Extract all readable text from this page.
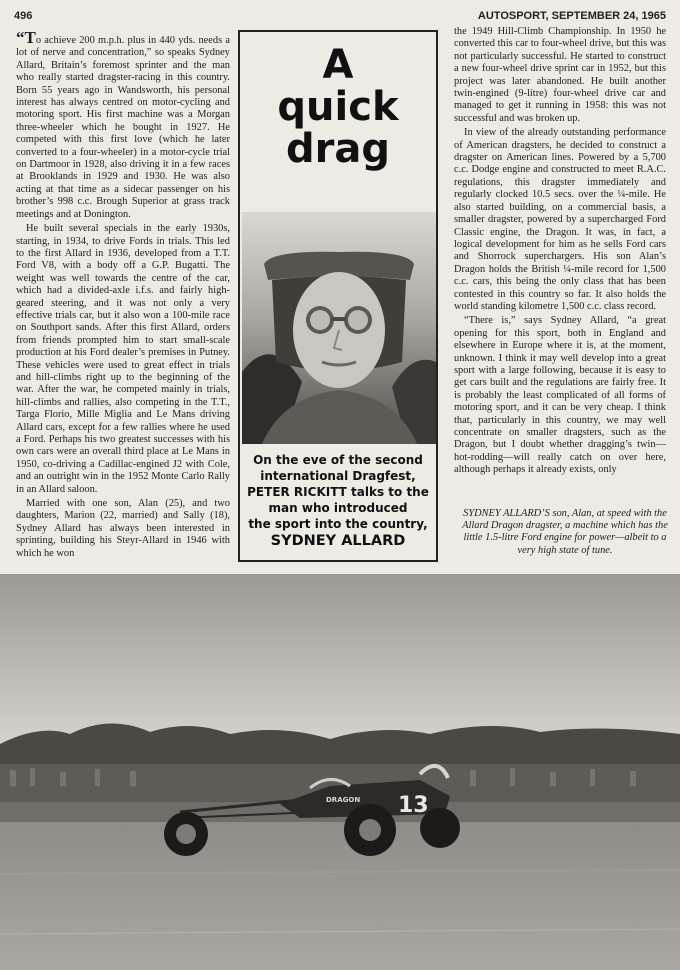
496	AUTOSPORT, SEPTEMBER 24, 1965

“To achieve 200 m.p.h. plus in 440 yds. needs a lot of nerve and concentration,” so speaks Sydney Allard, Britain’s foremost sprinter and the man who really started dragster-racing in this country. Born 55 years ago in Wandsworth, his personal interest has always centred on motor-cycling and motoring sport. His first machine was a Morgan three-wheeler which he bought in 1927. He competed with this first love (which he later converted to a four-wheeler) in a motor-cycle trial on Dartmoor in 1928, also driving it in a few races at Brooklands in 1929 and 1930. He was also acting at that time as a sidecar passenger on his brother’s 998 c.c. Brough Superior at grass track meetings and at Donington.

He built several specials in the early 1930s, starting, in 1934, to drive Fords in trials. This led to the first Allard in 1936, developed from a T.T. Ford V8, with a body off a G.P. Bugatti. The weight was well towards the centre of the car, which had a divided-axle i.f.s. and fairly high-geared steering, and it was not only a very effective trials car, but it also won a 100-mile race on Southport sands. After this first Allard, orders from friends prompted him to start small-scale production at his Ford dealer’s premises in Putney. These vehicles were used to great effect in trials and hill-climbs right up to the beginning of the war. After the war, he competed mainly in trials, hill-climbs and rallies, also competing in the T.T., Targa Florio, Mille Miglia and Le Mans driving Allard cars, except for a few rallies where he used a Ford. Perhaps his two greatest successes with his own cars were an overall third place at Le Mans in 1950, co-driving a Cadillac-engined J2 with Cole, and an outright win in the 1952 Monte Carlo Rally in an Allard saloon.

Married with one son, Alan (25), and two daughters, Marion (22, married) and Sally (18), Sydney Allard has always been interested in sprinting, building his Steyr-Allard in 1946 with which he won

A
quick
drag
On the eve of the second
international Dragfest,
PETER RICKITT talks to the
man who introduced
the sport into the country,
SYDNEY ALLARD

the 1949 Hill-Climb Championship. In 1950 he converted this car to four-wheel drive, but this was not particularly successful. He started to construct a new four-wheel drive sprint car in 1952, but this project was later abandoned. He built another twin-engined (9-litre) four-wheel drive car and managed to get it running in 1958: this was not successful and was broken up.

In view of the already outstanding performance of American dragsters, he decided to construct a dragster on American lines. Powered by a 5,700 c.c. Dodge engine and constructed to meet R.A.C. regulations, this dragster immediately and regularly clocked 10.5 secs. over the ¼-mile. He also started building, on a commercial basis, a smaller dragster, powered by a supercharged Ford Classic engine, the Dragon. It was, in fact, a logical development for him as he sells Ford cars and Shorrock superchargers. His son Alan’s Dragon holds the British ¼-mile record for 1,500 c.c. cars, this being the only class that has been contested in this country so far. It also holds the world standing kilometre 1,500 c.c. class record.

“There is,” says Sydney Allard, “a great opening for this sport, both in England and elsewhere in Europe where it is, at the moment, unknown. I think it may well develop into a great sport with a large following, because it is easy to get cars built and the regulations are fairly free. It is probably the least complicated of all forms of motoring sport, and it can be very cheap. I think that, particularly in this country, we may well concentrate on smaller dragsters, such as the Dragon, but I doubt whether dragging’s twin—hot-rodding—will really catch on over here, although perhaps it already exists, only

SYDNEY ALLARD’S son, Alan, at speed with the Allard Dragon dragster, a machine which has the little 1.5-litre Ford engine for power—albeit to a very high state of tune.
13
DRAGON
